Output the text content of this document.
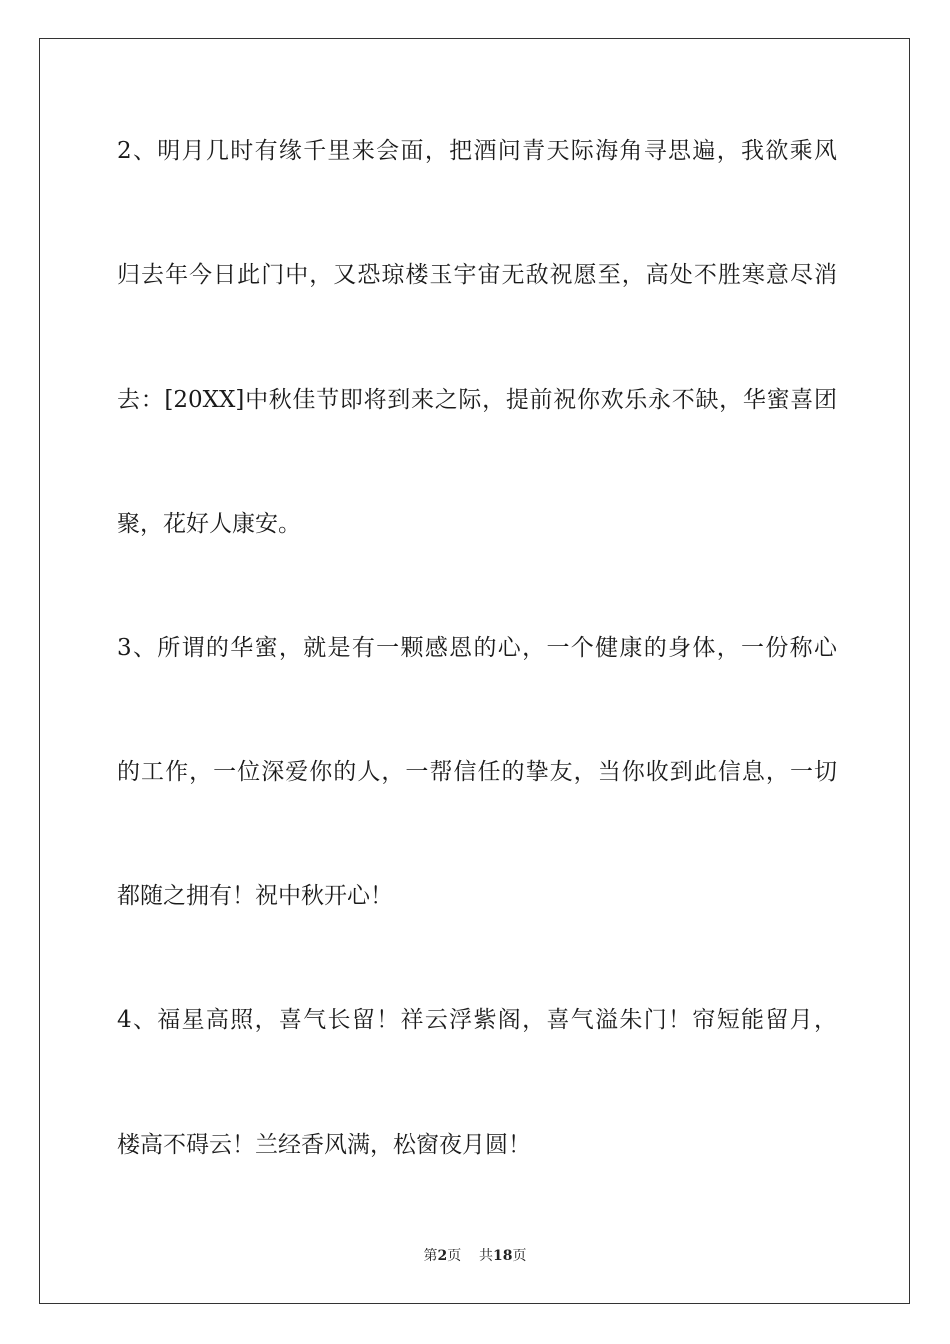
2、明月几时有缘千里来会面，把酒问青天际海角寻思遍，我欲乘风
归去年今日此门中，又恐琼楼玉宇宙无敌祝愿至，高处不胜寒意尽消
去：[20XX]中秋佳节即将到来之际，提前祝你欢乐永不缺，华蜜喜团
聚，花好人康安。
3、所谓的华蜜，就是有一颗感恩的心，一个健康的身体，一份称心
的工作，一位深爱你的人，一帮信任的挚友，当你收到此信息，一切
都随之拥有！祝中秋开心！
4、福星高照，喜气长留！祥云浮紫阁，喜气溢朱门！帘短能留月，
楼高不碍云！兰经香风满，松窗夜月圆！
第2页 共18页
